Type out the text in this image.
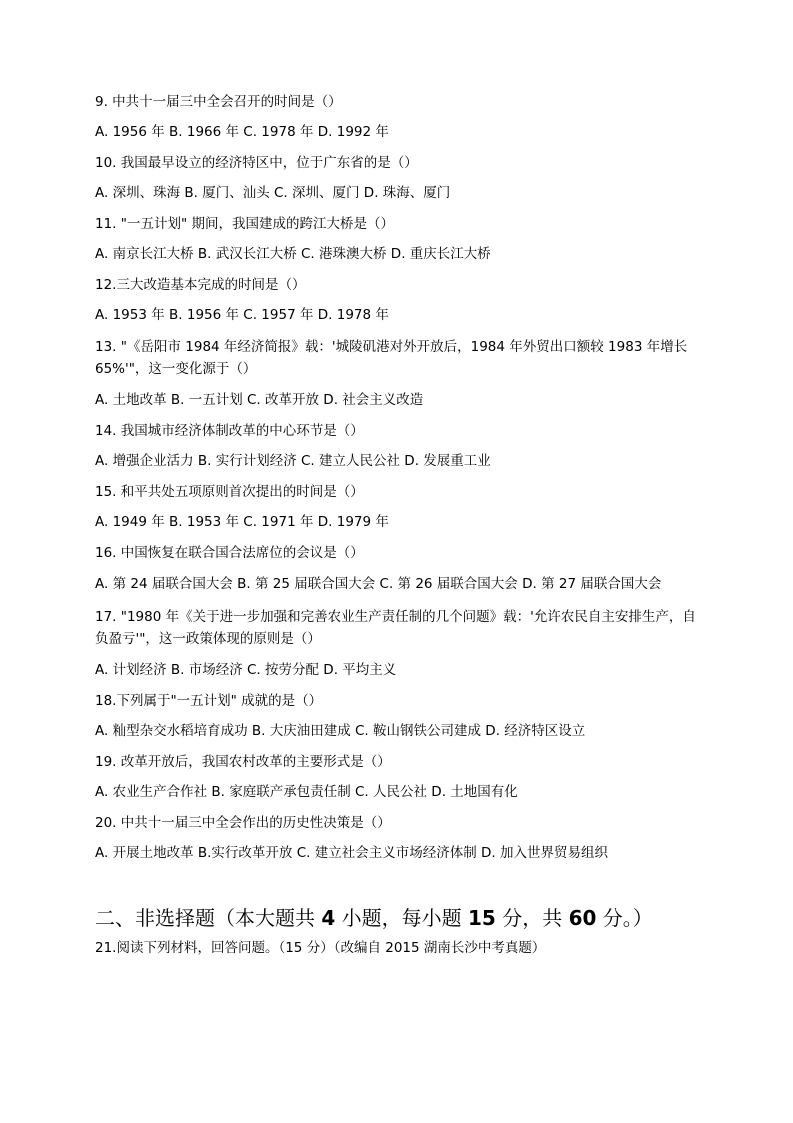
9. 中共十一届三中全会召开的时间是（）
A. 1956 年 B. 1966 年 C. 1978 年 D. 1992 年
10. 我国最早设立的经济特区中，位于广东省的是（）
A. 深圳、珠海 B. 厦门、汕头 C. 深圳、厦门 D. 珠海、厦门
11. "一五计划" 期间，我国建成的跨江大桥是（）
A. 南京长江大桥 B. 武汉长江大桥 C. 港珠澳大桥 D. 重庆长江大桥
12.三大改造基本完成的时间是（）
A. 1953 年 B. 1956 年 C. 1957 年 D. 1978 年
13. "《岳阳市 1984 年经济简报》载：'城陵矶港对外开放后，1984 年外贸出口额较 1983 年增长 65%'"，这一变化源于（）
A. 土地改革 B. 一五计划 C. 改革开放 D. 社会主义改造
14. 我国城市经济体制改革的中心环节是（）
A. 增强企业活力 B. 实行计划经济 C. 建立人民公社 D. 发展重工业
15. 和平共处五项原则首次提出的时间是（）
A. 1949 年 B. 1953 年 C. 1971 年 D. 1979 年
16. 中国恢复在联合国合法席位的会议是（）
A. 第 24 届联合国大会 B. 第 25 届联合国大会 C. 第 26 届联合国大会 D. 第 27 届联合国大会
17. "1980 年《关于进一步加强和完善农业生产责任制的几个问题》载：'允许农民自主安排生产，自负盈亏'"，这一政策体现的原则是（）
A. 计划经济 B. 市场经济 C. 按劳分配 D. 平均主义
18.下列属于"一五计划" 成就的是（）
A. 籼型杂交水稻培育成功 B. 大庆油田建成 C. 鞍山钢铁公司建成 D. 经济特区设立
19. 改革开放后，我国农村改革的主要形式是（）
A. 农业生产合作社 B. 家庭联产承包责任制 C. 人民公社 D. 土地国有化
20. 中共十一届三中全会作出的历史性决策是（）
A. 开展土地改革 B.实行改革开放 C. 建立社会主义市场经济体制 D. 加入世界贸易组织
二、非选择题（本大题共 4 小题，每小题 15 分，共 60 分。）
21.阅读下列材料，回答问题。（15 分）（改编自 2015 湖南长沙中考真题）
